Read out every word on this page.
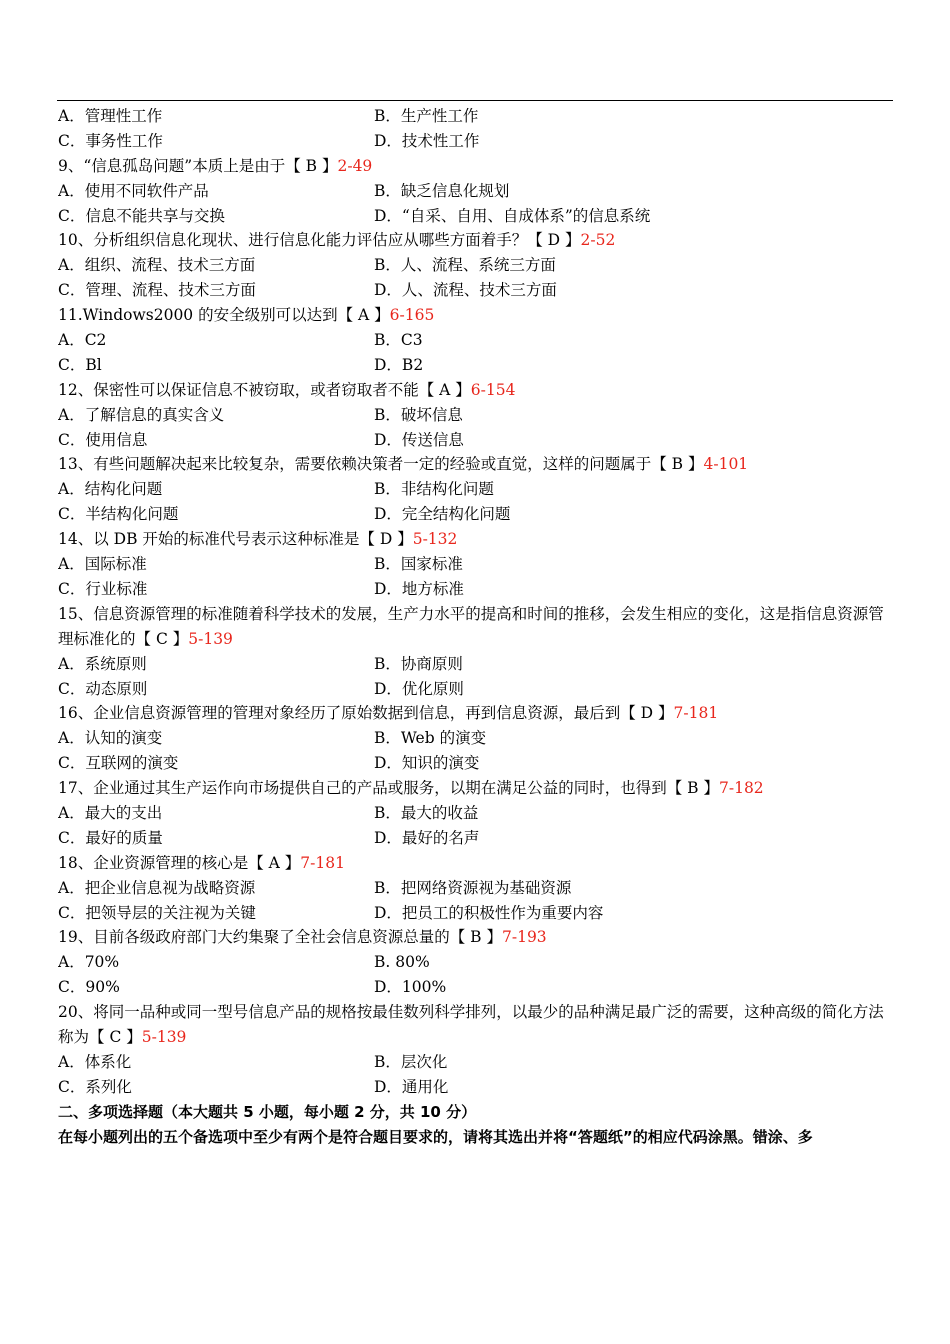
A．管理性工作	B．生产性工作
C．事务性工作	D．技术性工作
9、“信息孤岛问题”本质上是由于【 B 】2-49
A．使用不同软件产品	B．缺乏信息化规划
C．信息不能共享与交换	D．“自采、自用、自成体系”的信息系统
10、分析组织信息化现状、进行信息化能力评估应从哪些方面着手？【 D 】2-52
A．组织、流程、技术三方面	B．人、流程、系统三方面
C．管理、流程、技术三方面	D．人、流程、技术三方面
11.Windows2000 的安全级别可以达到【 A 】6-165
A．C2	B．C3
C．Bl	D．B2
12、保密性可以保证信息不被窃取，或者窃取者不能【 A 】6-154
A．了解信息的真实含义	B．破坏信息
C．使用信息	D．传送信息
13、有些问题解决起来比较复杂，需要依赖决策者一定的经验或直觉，这样的问题属于【 B 】4-101
A．结构化问题	B．非结构化问题
C．半结构化问题	D．完全结构化问题
14、以 DB 开始的标准代号表示这种标准是【 D 】5-132
A．国际标准	B．国家标准
C．行业标准	D．地方标准
15、信息资源管理的标准随着科学技术的发展，生产力水平的提高和时间的推移，会发生相应的变化，这是指信息资源管理标准化的【 C 】5-139
A．系统原则	B．协商原则
C．动态原则	D．优化原则
16、企业信息资源管理的管理对象经历了原始数据到信息，再到信息资源，最后到【 D 】7-181
A．认知的演变	B．Web 的演变
C．互联网的演变	D．知识的演变
17、企业通过其生产运作向市场提供自己的产品或服务，以期在满足公益的同时，也得到【 B 】7-182
A．最大的支出	B．最大的收益
C．最好的质量	D．最好的名声
18、企业资源管理的核心是【 A 】7-181
A．把企业信息视为战略资源	B．把网络资源视为基础资源
C．把领导层的关注视为关键	D．把员工的积极性作为重要内容
19、目前各级政府部门大约集聚了全社会信息资源总量的【 B 】7-193
A．70%	B. 80%
C．90%	D．100%
20、将同一品种或同一型号信息产品的规格按最佳数列科学排列，以最少的品种满足最广泛的需要，这种高级的简化方法称为【 C 】5-139
A．体系化	B．层次化
C．系列化	D．通用化
二、多项选择题（本大题共 5 小题，每小题 2 分，共 10 分）
在每小题列出的五个备选项中至少有两个是符合题目要求的，请将其选出并将“答题纸”的相应代码涂黑。错涂、多
